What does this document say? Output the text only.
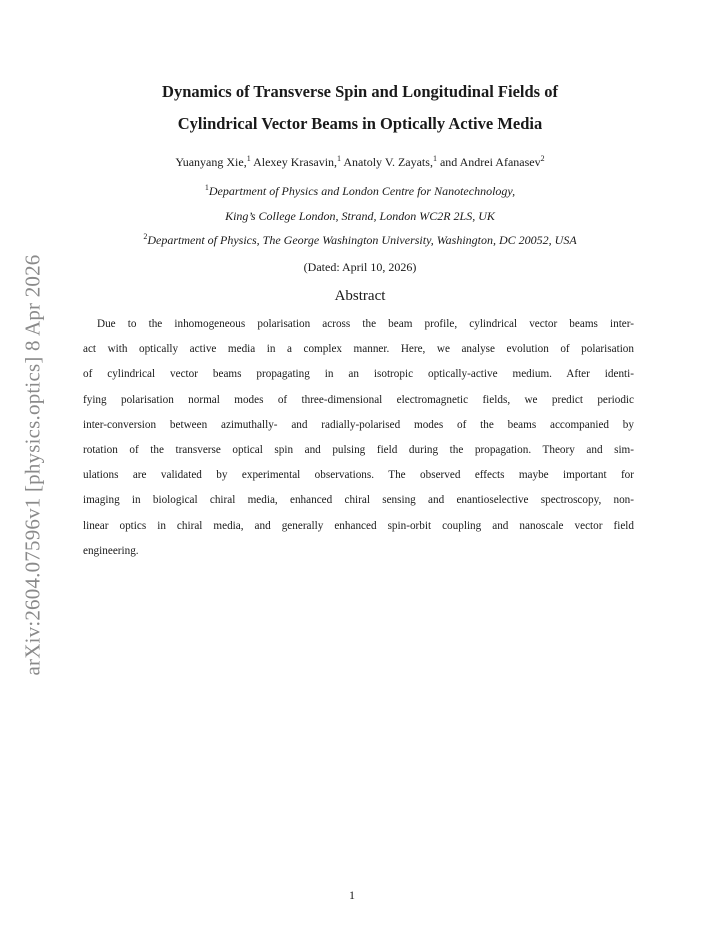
arXiv:2604.07596v1 [physics.optics] 8 Apr 2026
Dynamics of Transverse Spin and Longitudinal Fields of
Cylindrical Vector Beams in Optically Active Media
Yuanyang Xie,$^1$ Alexey Krasavin,$^1$ Anatoly V. Zayats,$^1$ and Andrei Afanasev$^2$
$^1$Department of Physics and London Centre for Nanotechnology,
King’s College London, Strand, London WC2R 2LS, UK
$^2$Department of Physics, The George Washington University, Washington, DC 20052, USA
(Dated: April 10, 2026)
Abstract
Due to the inhomogeneous polarisation across the beam profile, cylindrical vector beams inter-
act with optically active media in a complex manner. Here, we analyse evolution of polarisation
of cylindrical vector beams propagating in an isotropic optically-active medium. After identi-
fying polarisation normal modes of three-dimensional electromagnetic fields, we predict periodic
inter-conversion between azimuthally- and radially-polarised modes of the beams accompanied by
rotation of the transverse optical spin and pulsing field during the propagation. Theory and sim-
ulations are validated by experimental observations. The observed effects maybe important for
imaging in biological chiral media, enhanced chiral sensing and enantioselective spectroscopy, non-
linear optics in chiral media, and generally enhanced spin-orbit coupling and nanoscale vector field
engineering.
1
